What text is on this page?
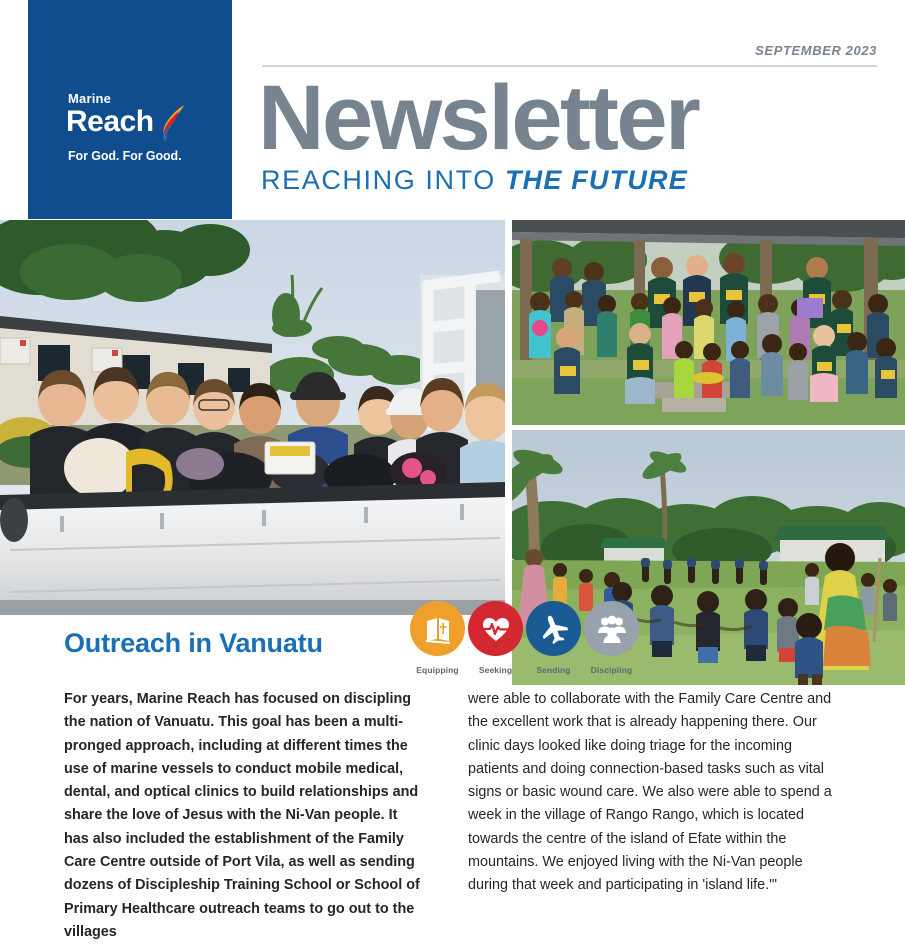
Marine
Reach
For God. For Good.
SEPTEMBER 2023
Newsletter
REACHING INTO THE FUTURE
Equipping	Seeking	Sending	Discipling
Outreach in Vanuatu

For years, Marine Reach has focused on discipling the nation of Vanuatu. This goal has been a multi-pronged approach, including at different times the use of marine vessels to conduct mobile medical, dental, and optical clinics to build relationships and share the love of Jesus with the Ni-Van people. It has also included the establishment of the Family Care Centre outside of Port Vila, as well as sending dozens of Discipleship Training School or School of Primary Healthcare outreach teams to go out to the villages

were able to collaborate with the Family Care Centre and the excellent work that is already happening there. Our clinic days looked like doing triage for the incoming patients and doing connection-based tasks such as vital signs or basic wound care. We also were able to spend a week in the village of Rango Rango, which is located towards the centre of the island of Efate within the mountains. We enjoyed living with the Ni-Van people during that week and participating in 'island life.'"
